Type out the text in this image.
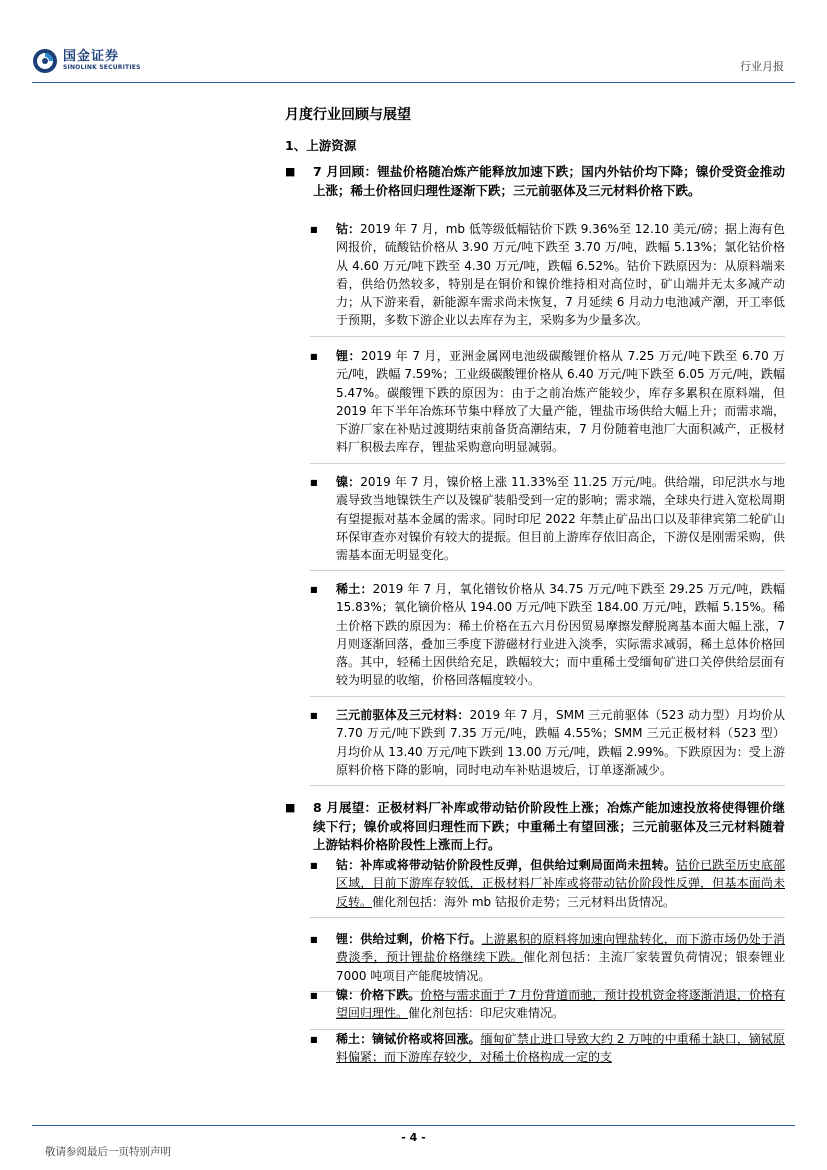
国金证券
SINOLINK SECURITIES	行业月报
月度行业回顾与展望
1、上游资源
■ 7 月回顾：锂盐价格随冶炼产能释放加速下跌；国内外钴价均下降；镍价受资金推动上涨；稀土价格回归理性逐渐下跌；三元前驱体及三元材料价格下跌。
■ 钴：2019 年 7 月，mb 低等级低幅钴价下跌 9.36%至 12.10 美元/磅；据上海有色网报价，硫酸钴价格从 3.90 万元/吨下跌至 3.70 万/吨，跌幅 5.13%；氯化钴价格从 4.60 万元/吨下跌至 4.30 万元/吨，跌幅 6.52%。钴价下跌原因为：从原料端来看，供给仍然较多，特别是在铜价和镍价维持相对高位时，矿山端并无太多减产动力；从下游来看，新能源车需求尚未恢复，7 月延续 6 月动力电池减产潮，开工率低于预期，多数下游企业以去库存为主，采购多为少量多次。
■ 锂：2019 年 7 月，亚洲金属网电池级碳酸锂价格从 7.25 万元/吨下跌至 6.70 万元/吨，跌幅 7.59%；工业级碳酸锂价格从 6.40 万元/吨下跌至 6.05 万元/吨，跌幅 5.47%。碳酸锂下跌的原因为：由于之前冶炼产能较少，库存多累积在原料端，但 2019 年下半年冶炼环节集中释放了大量产能，锂盐市场供给大幅上升；而需求端，下游厂家在补贴过渡期结束前备货高潮结束，7 月份随着电池厂大面积减产，正极材料厂积极去库存，锂盐采购意向明显减弱。
■ 镍：2019 年 7 月，镍价格上涨 11.33%至 11.25 万元/吨。供给端，印尼洪水与地震导致当地镍铁生产以及镍矿装船受到一定的影响；需求端，全球央行进入宽松周期有望提振对基本金属的需求。同时印尼 2022 年禁止矿品出口以及菲律宾第二轮矿山环保审查亦对镍价有较大的提振。但目前上游库存依旧高企，下游仅是刚需采购，供需基本面无明显变化。
■ 稀土：2019 年 7 月，氧化镨钕价格从 34.75 万元/吨下跌至 29.25 万元/吨，跌幅 15.83%；氧化镝价格从 194.00 万元/吨下跌至 184.00 万元/吨，跌幅 5.15%。稀土价格下跌的原因为：稀土价格在五六月份因贸易摩擦发酵脱离基本面大幅上涨，7 月则逐渐回落，叠加三季度下游磁材行业进入淡季，实际需求减弱，稀土总体价格回落。其中，轻稀土因供给充足，跌幅较大；而中重稀土受缅甸矿进口关停供给层面有较为明显的收缩，价格回落幅度较小。
■ 三元前驱体及三元材料：2019 年 7 月，SMM 三元前驱体（523 动力型）月均价从 7.70 万元/吨下跌到 7.35 万元/吨，跌幅 4.55%；SMM 三元正极材料（523 型）月均价从 13.40 万元/吨下跌到 13.00 万元/吨，跌幅 2.99%。下跌原因为：受上游原料价格下降的影响，同时电动车补贴退坡后，订单逐渐减少。
■ 8 月展望：正极材料厂补库或带动钴价阶段性上涨；冶炼产能加速投放将使得锂价继续下行；镍价或将回归理性而下跌；中重稀土有望回涨；三元前驱体及三元材料随着上游钴料价格阶段性上涨而上行。
■ 钴：补库或将带动钴价阶段性反弹，但供给过剩局面尚未扭转。钴价已跌至历史底部区域，目前下游库存较低，正极材料厂补库或将带动钴价阶段性反弹，但基本面尚未反转。催化剂包括：海外 mb 钴报价走势；三元材料出货情况。
■ 锂：供给过剩，价格下行。上游累积的原料将加速向锂盐转化，而下游市场仍处于消费淡季，预计锂盐价格继续下跌。催化剂包括：主流厂家装置负荷情况；银泰锂业 7000 吨项目产能爬坡情况。
■ 镍：价格下跌。价格与需求面于 7 月份背道而驰，预计投机资金将逐渐消退，价格有望回归理性。催化剂包括：印尼灾难情况。
■ 稀土：镝铽价格或将回涨。缅甸矿禁止进口导致大约 2 万吨的中重稀土缺口，镝铽原料偏紧；而下游库存较少，对稀土价格构成一定的支
- 4 -
敬请参阅最后一页特别声明
